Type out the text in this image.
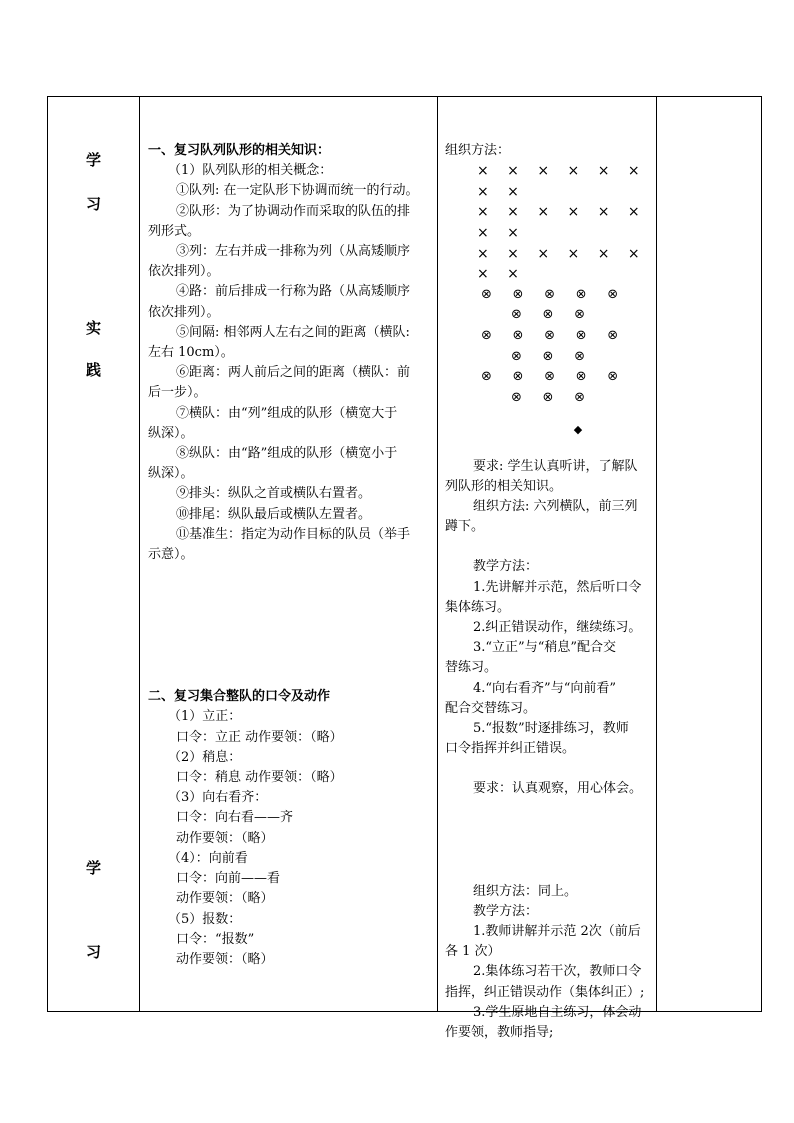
学
习
实
践
学
习

一、复习队列队形的相关知识：

（1）队列队形的相关概念：

①队列: 在一定队形下协调而统一的行动。

②队形：为了协调动作而采取的队伍的排

列形式。

③列：左右并成一排称为列（从高矮顺序

依次排列）。

④路：前后排成一行称为路（从高矮顺序

依次排列）。

⑤间隔: 相邻两人左右之间的距离（横队:

左右 10cm）。

⑥距离：两人前后之间的距离（横队：前

后一步）。

⑦横队：由“列”组成的队形（横宽大于

纵深）。

⑧纵队：由“路”组成的队形（横宽小于

纵深）。

⑨排头：纵队之首或横队右置者。

⑩排尾：纵队最后或横队左置者。

⑪基准生：指定为动作目标的队员（举手

示意）。

二、复习集合整队的口令及动作

（1）立正：

口令：立正 动作要领：（略）

（2）稍息：

口令：稍息 动作要领：（略）

（3）向右看齐：

口令：向右看——齐

动作要领：（略）

（4）：向前看

口令：向前——看

动作要领：（略）

（5）报数：

口令：“报数”

动作要领：（略）

组织方法：

× × × × × × × ×

× × × × × × × ×

× × × × × × × ×

⊗     ⊗     ⊗     ⊗     ⊗

⊗     ⊗     ⊗

⊗     ⊗     ⊗     ⊗     ⊗

⊗     ⊗     ⊗

⊗     ⊗     ⊗     ⊗     ⊗

⊗     ⊗     ⊗

◆

要求: 学生认真听讲，了解队

列队形的相关知识。

组织方法: 六列横队，前三列

蹲下。

教学方法：

1.先讲解并示范，然后听口令

集体练习。

2.纠正错误动作，继续练习。

3.“立正”与“稍息”配合交

替练习。

4.“向右看齐”与“向前看”

配合交替练习。

5.“报数”时逐排练习，教师

口令指挥并纠正错误。

要求：认真观察，用心体会。

组织方法：同上。

教学方法：

1.教师讲解并示范 2次（前后

各 1 次）

2.集体练习若干次，教师口令

指挥，纠正错误动作（集体纠正）;

3.学生原地自主练习，体会动

作要领，教师指导;
